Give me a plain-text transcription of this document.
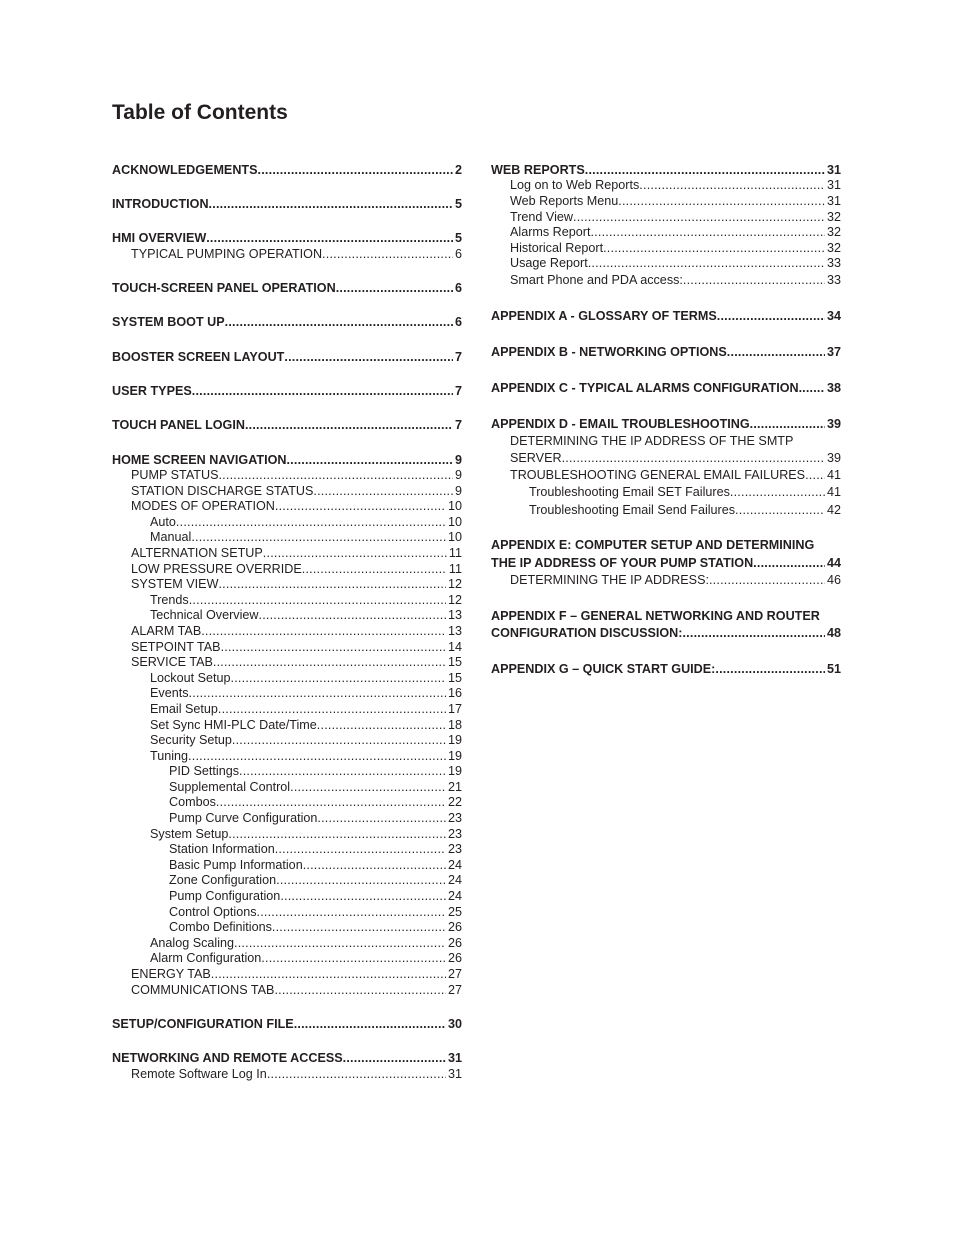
Table of Contents
ACKNOWLEDGEMENTS .....	2
INTRODUCTION .....	5
HMI OVERVIEW .....	5
TYPICAL PUMPING OPERATION .....	6
TOUCH-SCREEN PANEL OPERATION .....	6
SYSTEM BOOT UP .....	6
BOOSTER SCREEN LAYOUT .....	7
USER TYPES .....	7
TOUCH PANEL LOGIN .....	7
HOME SCREEN NAVIGATION .....	9
PUMP STATUS .....	9
STATION DISCHARGE STATUS .....	9
MODES OF OPERATION .....	10
Auto .....	10
Manual .....	10
ALTERNATION SETUP .....	11
LOW PRESSURE OVERRIDE .....	11
SYSTEM VIEW .....	12
Trends .....	12
Technical Overview .....	13
ALARM TAB .....	13
SETPOINT TAB .....	14
SERVICE TAB .....	15
Lockout Setup .....	15
Events .....	16
Email Setup .....	17
Set Sync HMI-PLC Date/Time .....	18
Security Setup .....	19
Tuning .....	19
PID Settings .....	19
Supplemental Control .....	21
Combos .....	22
Pump Curve Configuration .....	23
System Setup .....	23
Station Information .....	23
Basic Pump Information .....	24
Zone Configuration .....	24
Pump Configuration .....	24
Control Options .....	25
Combo Definitions .....	26
Analog Scaling .....	26
Alarm Configuration .....	26
ENERGY TAB .....	27
COMMUNICATIONS TAB .....	27
SETUP/CONFIGURATION FILE .....	30
NETWORKING AND REMOTE ACCESS .....	31
Remote Software Log In .....	31
WEB REPORTS .....	31
Log on to Web Reports .....	31
Web Reports Menu .....	31
Trend View .....	32
Alarms Report .....	32
Historical Report .....	32
Usage Report .....	33
Smart Phone and PDA access: .....	33
APPENDIX A - GLOSSARY OF TERMS .....	34
APPENDIX B - NETWORKING OPTIONS .....	37
APPENDIX C - TYPICAL ALARMS CONFIGURATION. ..... 38
APPENDIX D - EMAIL TROUBLESHOOTING .....	39
DETERMINING THE IP ADDRESS OF THE SMTP
SERVER .....	39
TROUBLESHOOTING GENERAL EMAIL FAILURES ..... 41
Troubleshooting Email SET Failures .....	41
Troubleshooting Email Send Failures .....	42
APPENDIX E: COMPUTER SETUP AND DETERMINING
THE IP ADDRESS OF YOUR PUMP STATION .....	44
DETERMINING THE IP ADDRESS: .....	46
APPENDIX F – GENERAL NETWORKING AND ROUTER
CONFIGURATION DISCUSSION: .....	48
APPENDIX G – QUICK START GUIDE: .....	51
